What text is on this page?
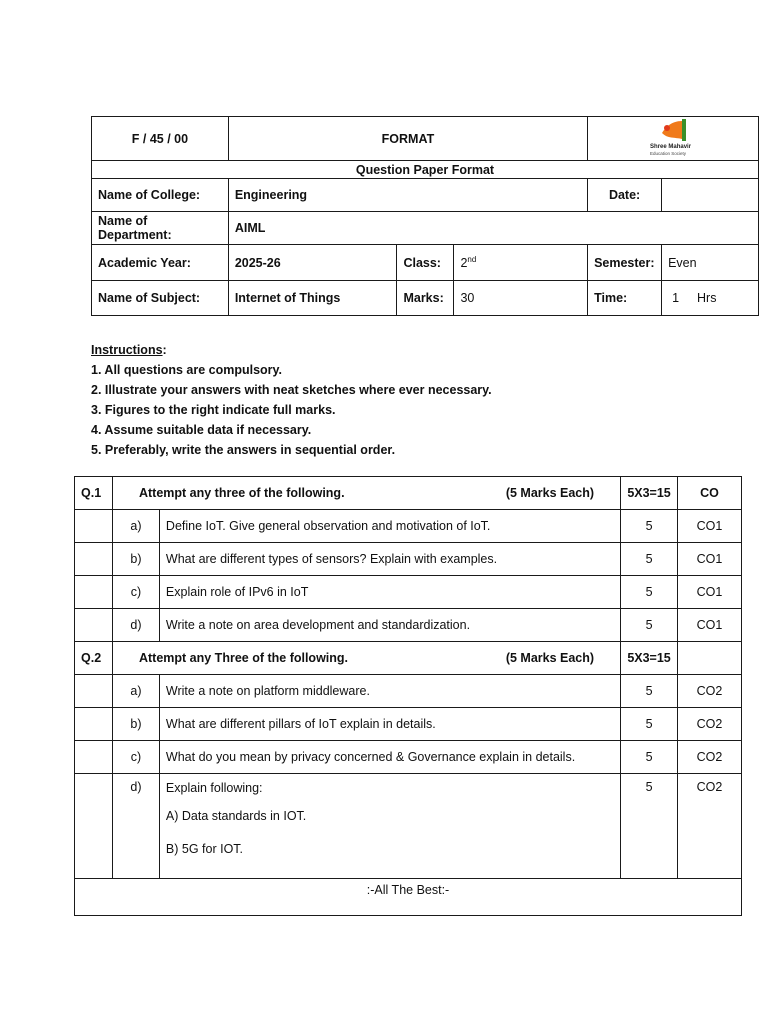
F / 45 / 00	FORMAT			Shree Mahavir
Education Society	

Question Paper Format					
Name of College:	Engineering			Date:	
Name of Department:	AIML				
Academic Year:	2025-26	Class:	2nd	Semester:	Even
Name of Subject:	Internet of Things	Marks:	30	Time:	1 Hrs
Instructions:
1. All questions are compulsory.
2. Illustrate your answers with neat sketches where ever necessary.
3. Figures to the right indicate full marks.
4. Assume suitable data if necessary.
5. Preferably, write the answers in sequential order.
Q.1	Attempt any three of the following. (5 Marks Each)		5X3=15	CO
	a)	Define IoT. Give general observation and motivation of IoT.	5	CO1
	b)	What are different types of sensors? Explain with examples.	5	CO1
	c)	Explain role of IPv6 in IoT	5	CO1
	d)	Write a note on area development and standardization.	5	CO1
Q.2	Attempt any Three of the following. (5 Marks Each)		5X3=15	
	a)	Write a note on platform middleware.	5	CO2
	b)	What are different pillars of IoT explain in details.	5	CO2
	c)	What do you mean by privacy concerned & Governance explain in details.	5	CO2
	d)	Explain following:
A) Data standards in IOT.
B) 5G for IOT.	5	CO2
:-All The Best:-				
